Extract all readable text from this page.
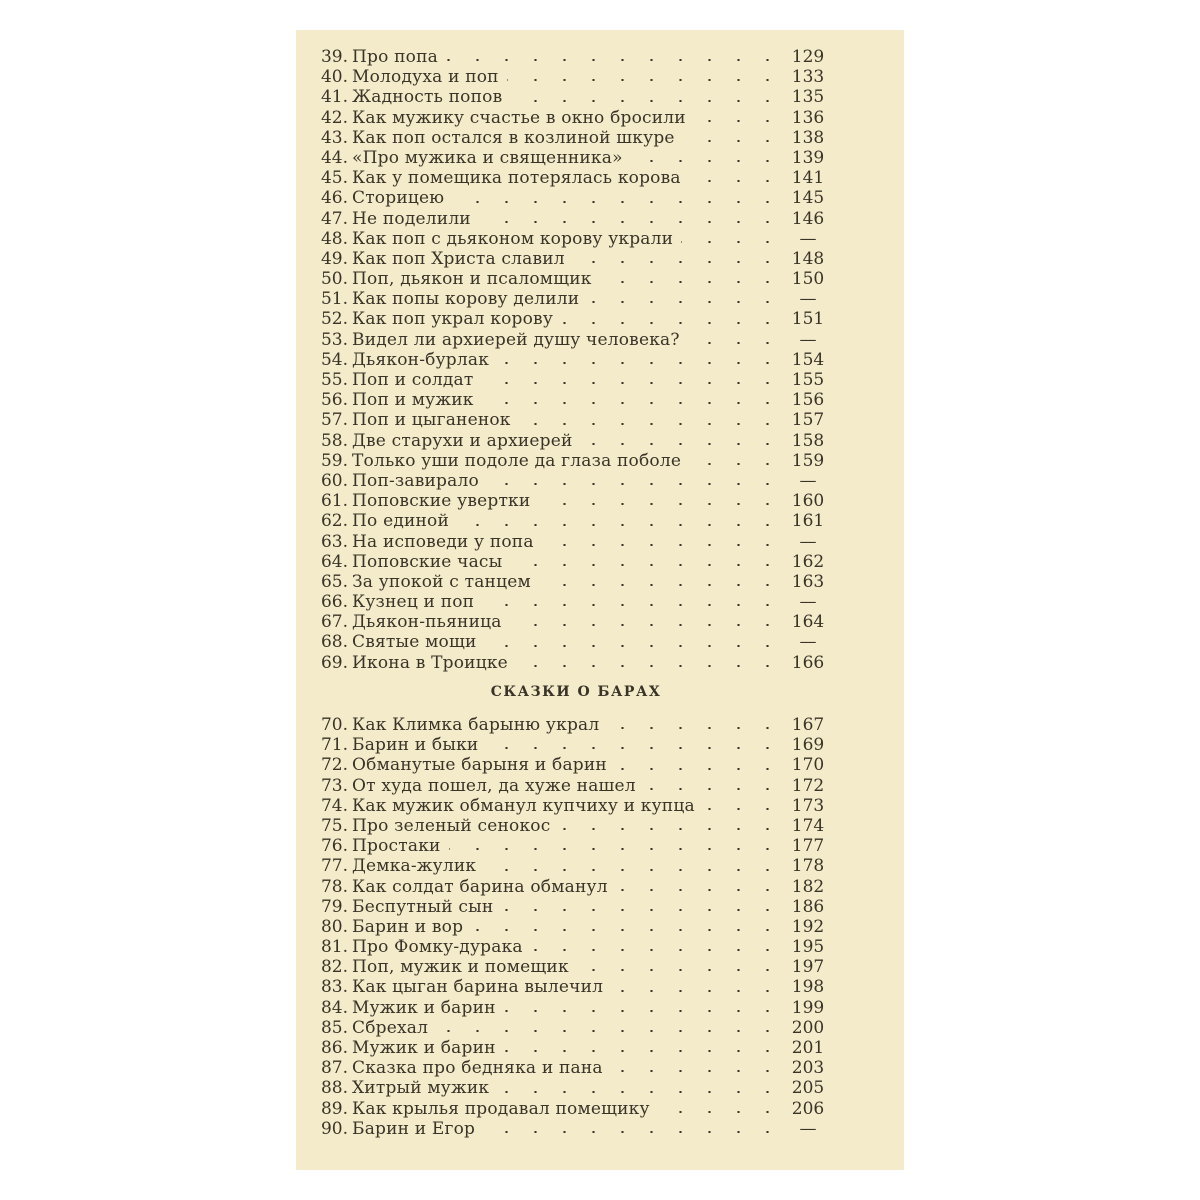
39. Про попа	129
40. Молодуха и поп	133
41. Жадность попов	135
42. Как мужику счастье в окно бросили	136
43. Как поп остался в козлиной шкуре	138
44. «Про мужика и священника»	139
45. Как у помещика потерялась корова	141
46. Сторицею	145
47. Не поделили	146
48. Как поп с дьяконом корову украли	—
49. Как поп Христа славил	148
50. Поп, дьякон и псаломщик	150
51. Как попы корову делили	—
52. Как поп украл корову	151
53. Видел ли архиерей душу человека?	—
54. Дьякон-бурлак	154
55. Поп и солдат	155
56. Поп и мужик	156
57. Поп и цыганенок	157
58. Две старухи и архиерей	158
59. Только уши подоле да глаза поболе	159
60. Поп-завирало	—
61. Поповские увертки	160
62. По единой	161
63. На исповеди у попа	—
64. Поповские часы	162
65. За упокой с танцем	163
66. Кузнец и поп	—
67. Дьякон-пьяница	164
68. Святые мощи	—
69. Икона в Троицке	166
СКАЗКИ О БАРАХ
70. Как Климка барыню украл	167
71. Барин и быки	169
72. Обманутые барыня и барин	170
73. От худа пошел, да хуже нашел	172
74. Как мужик обманул купчиху и купца	173
75. Про зеленый сенокос	174
76. Простаки	177
77. Демка-жулик	178
78. Как солдат барина обманул	182
79. Беспутный сын	186
80. Барин и вор	192
81. Про Фомку-дурака	195
82. Поп, мужик и помещик	197
83. Как цыган барина вылечил	198
84. Мужик и барин	199
85. Сбрехал	200
86. Мужик и барин	201
87. Сказка про бедняка и пана	203
88. Хитрый мужик	205
89. Как крылья продавал помещику	206
90. Барин и Егор	—
